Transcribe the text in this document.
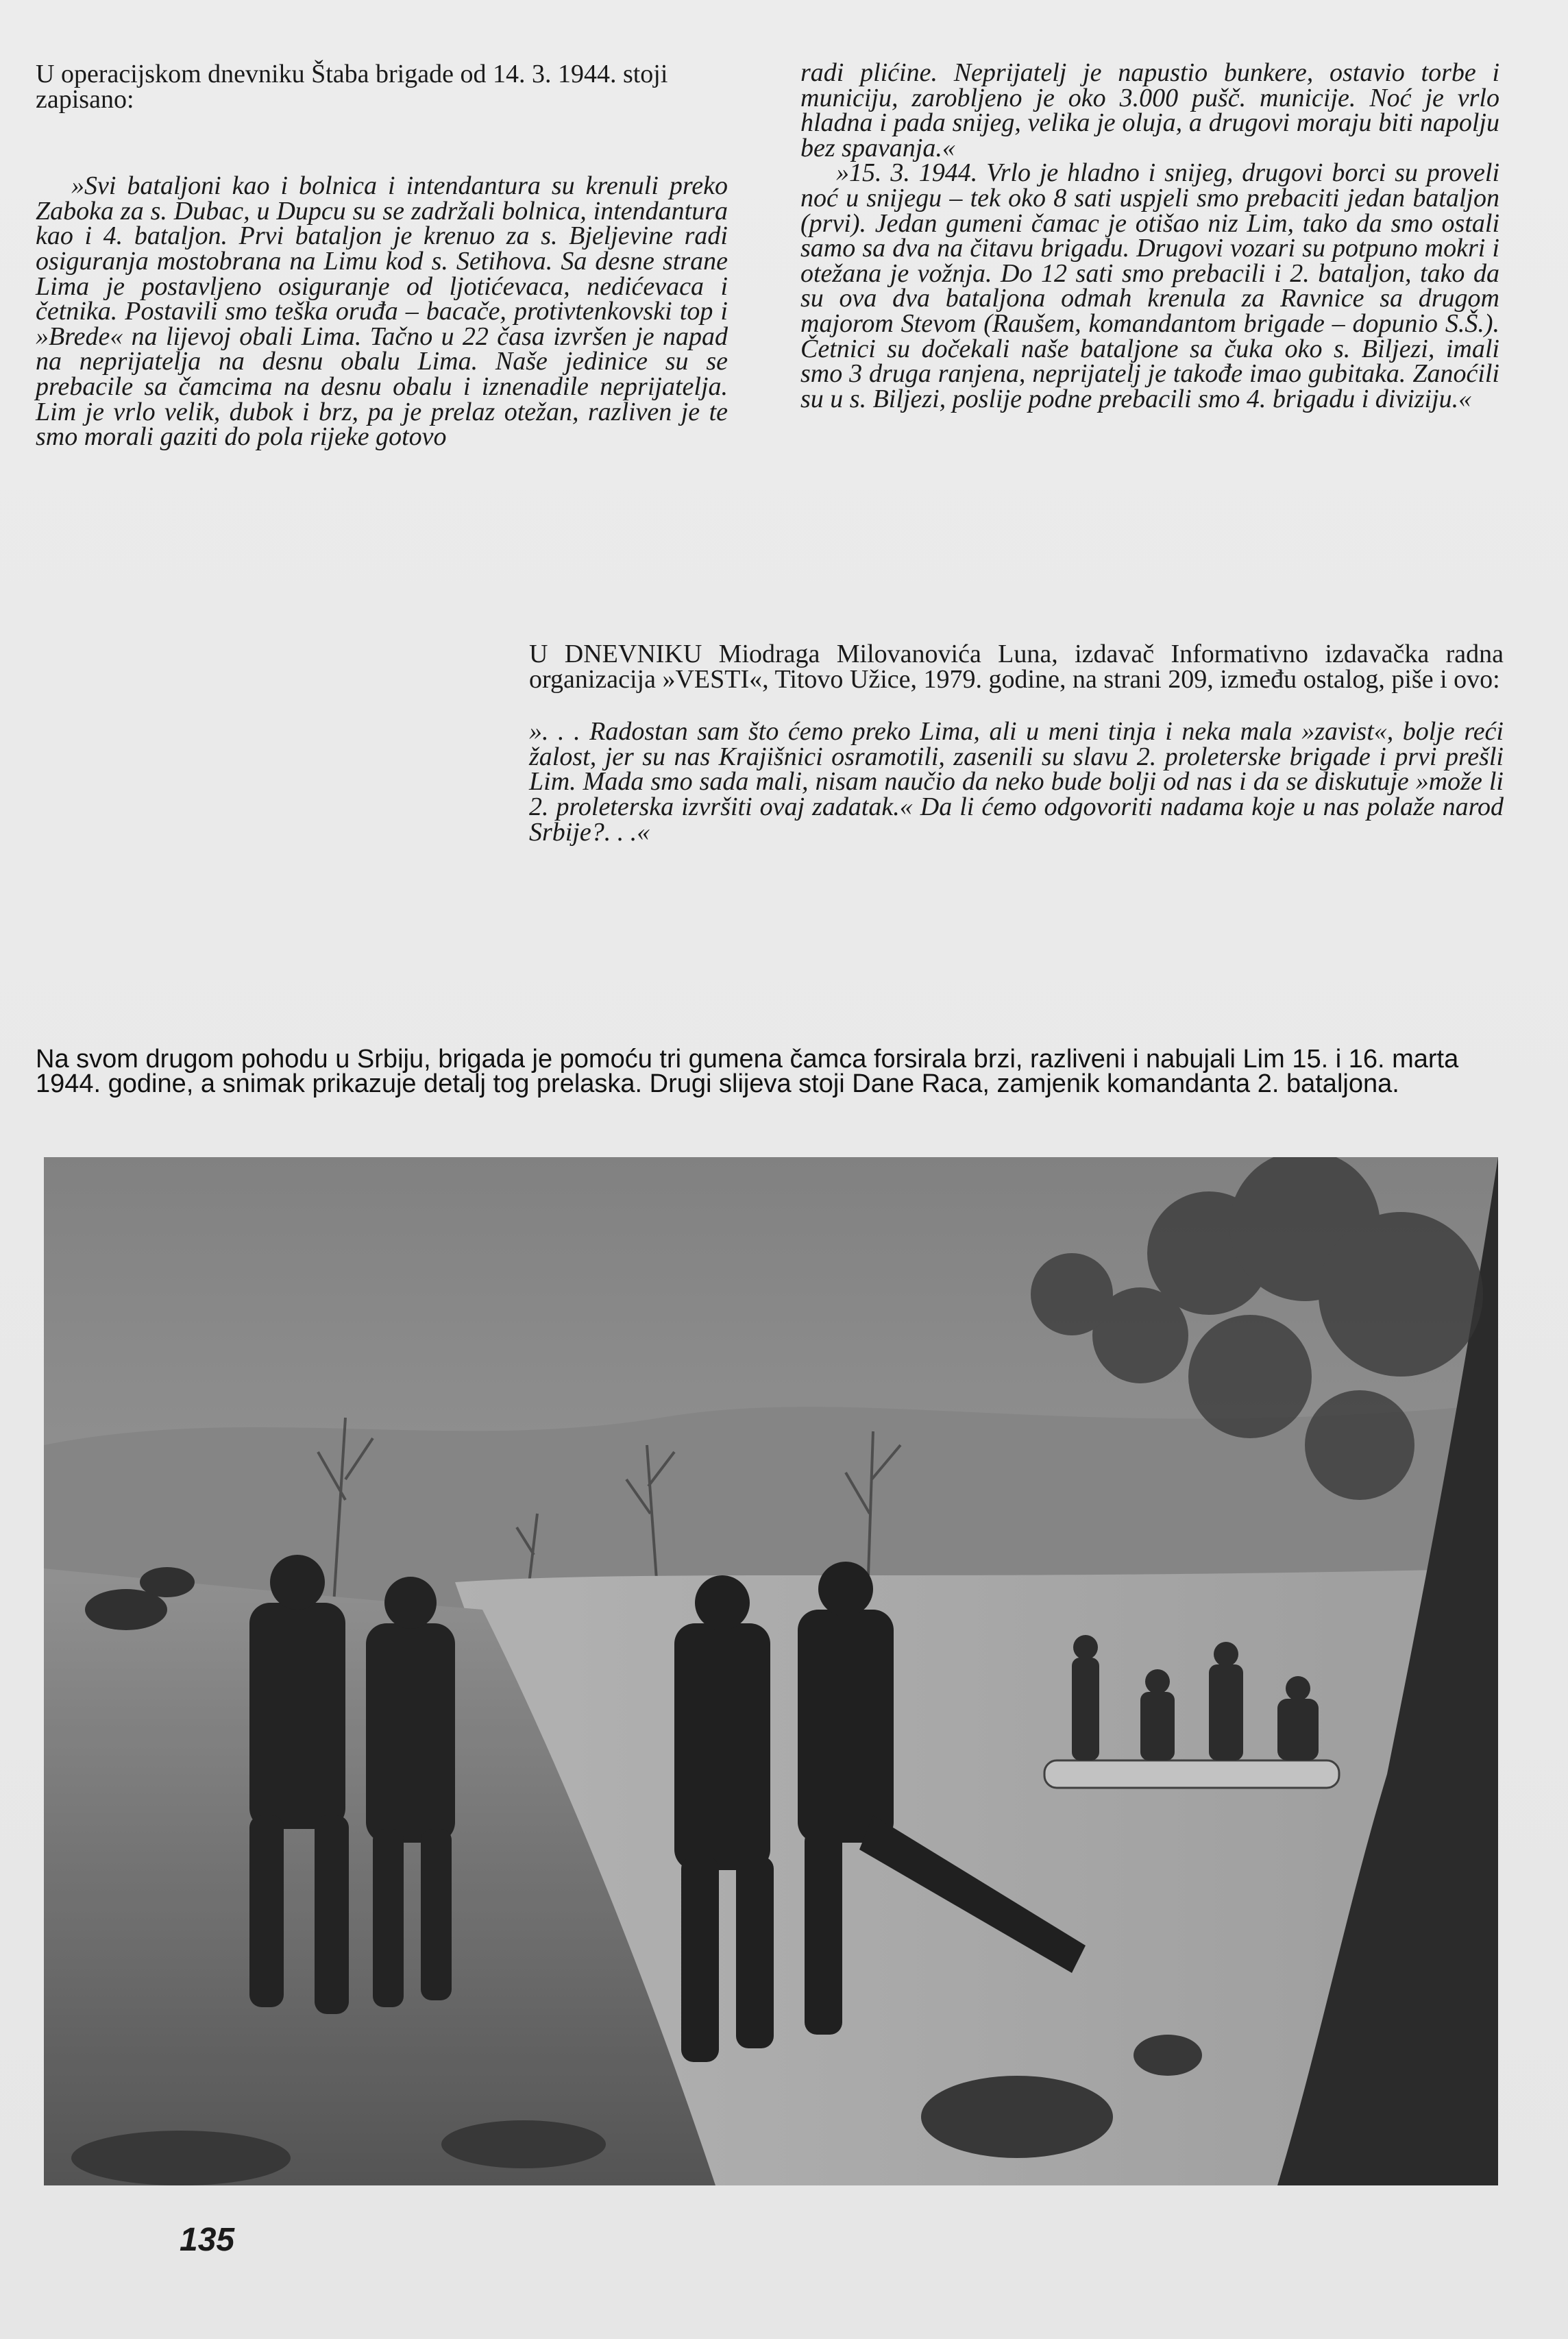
U operacijskom dnevniku Štaba brigade od 14. 3. 1944. stoji zapisano:

»Svi bataljoni kao i bolnica i intendantura su krenuli preko Zaboka za s. Dubac, u Dupcu su se zadržali bolnica, intendantura kao i 4. bataljon. Prvi bataljon je krenuo za s. Bjeljevine radi osiguranja mostobrana na Limu kod s. Setihova. Sa desne strane Lima je postavljeno osiguranje od ljotićevaca, nedićevaca i četnika. Postavili smo teška oruđa – bacače, protivtenkovski top i »Brede« na lijevoj obali Lima. Tačno u 22 časa izvršen je napad na neprijatelja na desnu obalu Lima. Naše jedinice su se prebacile sa čamcima na desnu obalu i iznenadile neprijatelja. Lim je vrlo velik, dubok i brz, pa je prelaz otežan, razliven je te smo morali gaziti do pola rijeke gotovo

radi plićine. Neprijatelj je napustio bunkere, ostavio torbe i municiju, zarobljeno je oko 3.000 pušč. municije. Noć je vrlo hladna i pada snijeg, velika je oluja, a drugovi moraju biti napolju bez spavanja.«

»15. 3. 1944. Vrlo je hladno i snijeg, drugovi borci su proveli noć u snijegu – tek oko 8 sati uspjeli smo prebaciti jedan bataljon (prvi). Jedan gumeni čamac je otišao niz Lim, tako da smo ostali samo sa dva na čitavu brigadu. Drugovi vozari su potpuno mokri i otežana je vožnja. Do 12 sati smo prebacili i 2. bataljon, tako da su ova dva bataljona odmah krenula za Ravnice sa drugom majorom Stevom (Raušem, komandantom brigade – dopunio S.Š.). Četnici su dočekali naše bataljone sa čuka oko s. Biljezi, imali smo 3 druga ranjena, neprijatelj je takođe imao gubitaka. Zanoćili su u s. Biljezi, poslije podne prebacili smo 4. brigadu i diviziju.«

U DNEVNIKU Miodraga Milovanovića Luna, izdavač Informativno izdavačka radna organizacija »VESTI«, Titovo Užice, 1979. godine, na strani 209, između ostalog, piše i ovo:

». . . Radostan sam što ćemo preko Lima, ali u meni tinja i neka mala »zavist«, bolje reći žalost, jer su nas Krajišnici osramotili, zasenili su slavu 2. proleterske brigade i prvi prešli Lim. Mada smo sada mali, nisam naučio da neko bude bolji od nas i da se diskutuje »može li 2. proleterska izvršiti ovaj zadatak.« Da li ćemo odgovoriti nadama koje u nas polaže narod Srbije?. . .«

Na svom drugom pohodu u Srbiju, brigada je pomoću tri gumena čamca forsirala brzi, razliveni i nabujali Lim 15. i 16. marta 1944. godine, a snimak prikazuje detalj tog prelaska. Drugi slijeva stoji Dane Raca, zamjenik komandanta 2. bataljona.

135
